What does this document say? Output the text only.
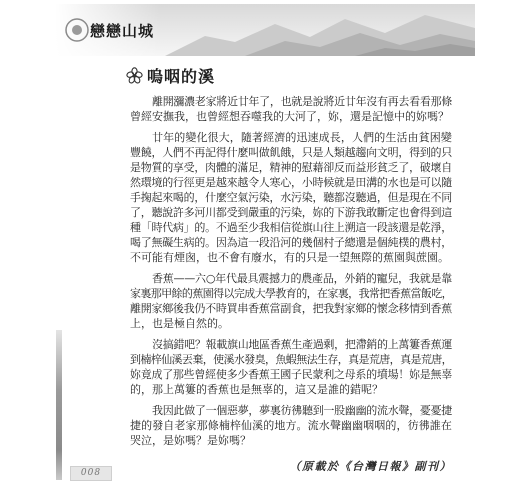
戀戀山城
嗚咽的溪
離開瀰濃老家將近廿年了，也就是說將近廿年沒有再去看看那條
曾經安撫我，也曾經想吞噬我的大河了，妳，還是記憶中的妳嗎？
廿年的變化很大，隨著經濟的迅速成長，人們的生活由貧困變
豐饒，人們不再記得什麼叫做飢餓，只是人類越趨向文明，得到的只
是物質的享受，肉體的滿足，精神的慰藉卻反而益形貧乏了，破壞自
然環境的行徑更是越來越令人寒心，小時候就是田溝的水也是可以隨
手掬起來喝的，什麼空氣污染，水污染，聽都沒聽過，但是現在不同
了，聽說許多河川都受到嚴重的污染，妳的下游我敢斷定也會得到這
種「時代病」的。不過至少我相信從旗山往上溯這一段該還是乾淨，
喝了無礙生病的。因為這一段沿河的幾個村子總還是個純樸的農村，
不可能有煙囪，也不會有廢水，有的只是一望無際的蕉園與蔗園。
香蕉——六○年代最具震撼力的農產品，外銷的寵兒，我就是靠
家裏那甲餘的蕉園得以完成大學教育的，在家裏，我常把香蕉當飯吃，
離開家鄉後我仍不時買串香蕉當副食，把我對家鄉的懷念移情到香蕉
上，也是極自然的。
沒搞錯吧？報載旗山地區香蕉生產過剩，把滯銷的上萬簍香蕉運
到楠梓仙溪丟棄，使溪水發臭，魚蝦無法生存，真是荒唐，真是荒唐，
妳竟成了那些曾經使多少香蕉王國子民蒙利之母系的墳場！妳是無辜
的，那上萬簍的香蕉也是無辜的，這又是誰的錯呢？
我因此做了一個惡夢，夢裏彷彿聽到一股幽幽的流水聲，憂憂捷
捷的發自老家那條楠梓仙溪的地方。流水聲幽幽咽咽的，彷彿誰在
哭泣，是妳嗎？是妳嗎？
（原載於《台灣日報》副刊）
008
